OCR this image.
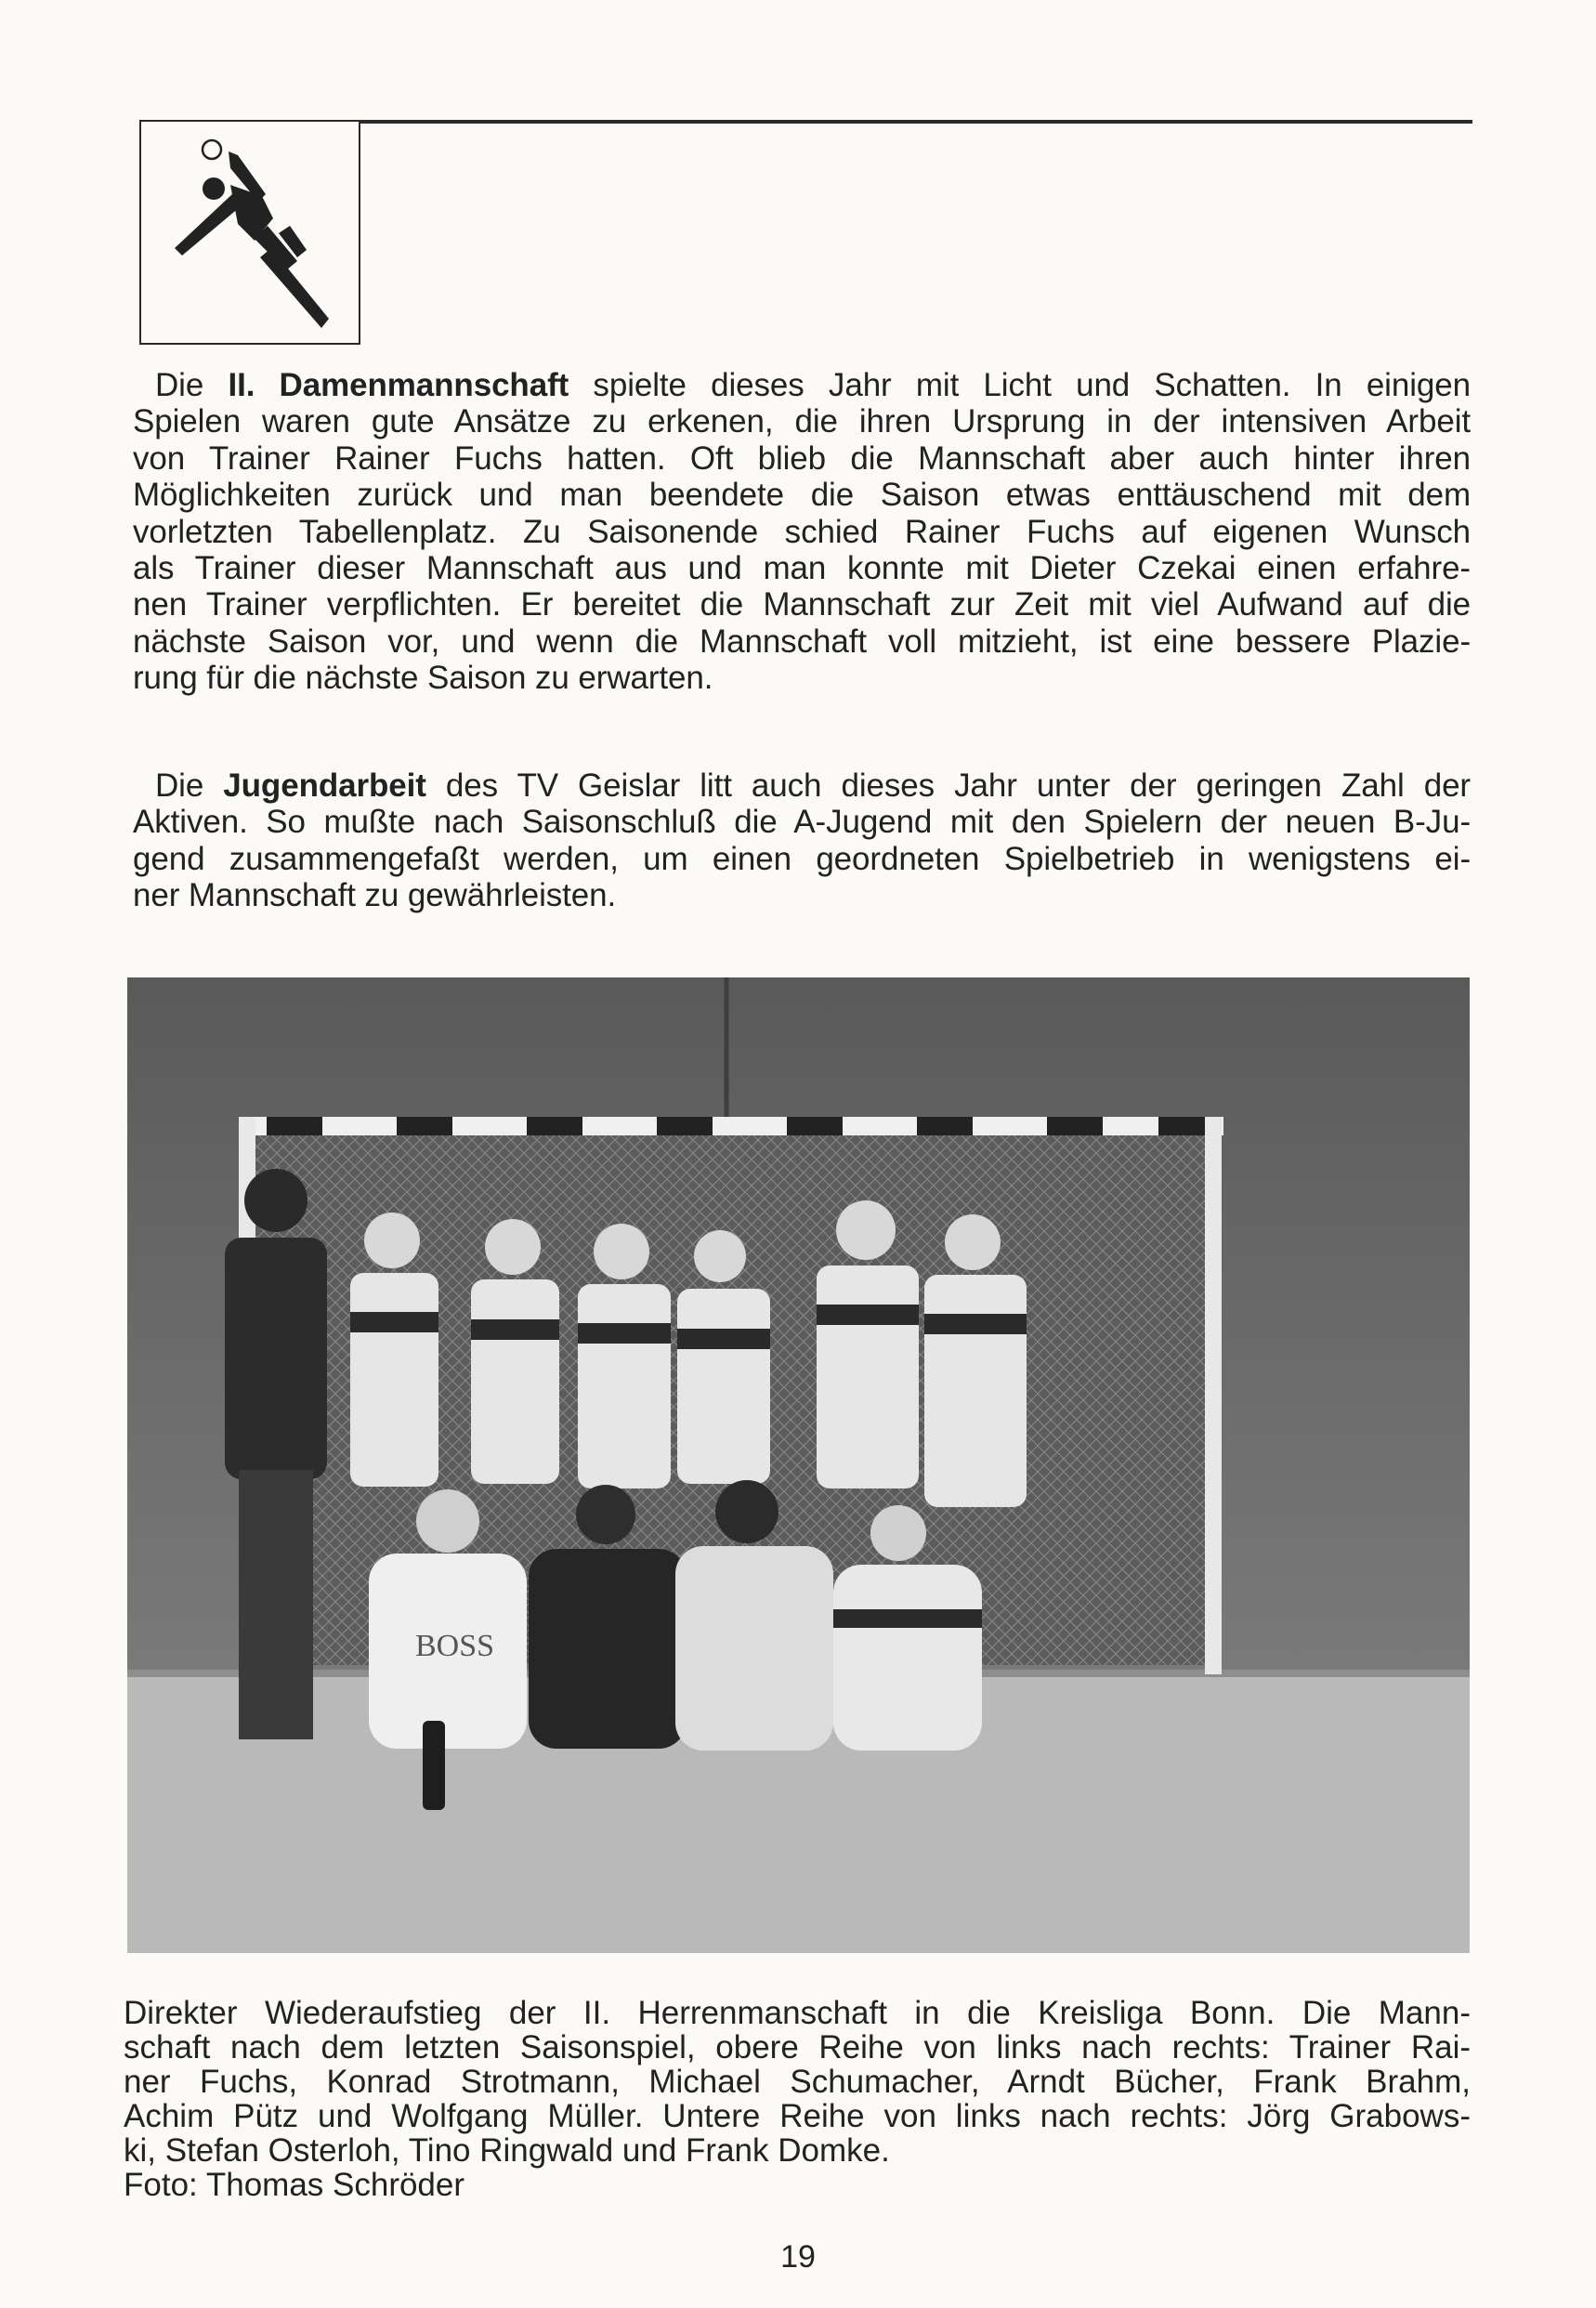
Die II. Damenmannschaft spielte dieses Jahr mit Licht und Schatten. In einigen
Spielen waren gute Ansätze zu erkenen, die ihren Ursprung in der intensiven Arbeit
von Trainer Rainer Fuchs hatten. Oft blieb die Mannschaft aber auch hinter ihren
Möglichkeiten zurück und man beendete die Saison etwas enttäuschend mit dem
vorletzten Tabellenplatz. Zu Saisonende schied Rainer Fuchs auf eigenen Wunsch
als Trainer dieser Mannschaft aus und man konnte mit Dieter Czekai einen erfahre-
nen Trainer verpflichten. Er bereitet die Mannschaft zur Zeit mit viel Aufwand auf die
nächste Saison vor, und wenn die Mannschaft voll mitzieht, ist eine bessere Plazie-
rung für die nächste Saison zu erwarten.
Die Jugendarbeit des TV Geislar litt auch dieses Jahr unter der geringen Zahl der
Aktiven. So mußte nach Saisonschluß die A-Jugend mit den Spielern der neuen B-Ju-
gend zusammengefaßt werden, um einen geordneten Spielbetrieb in wenigstens ei-
ner Mannschaft zu gewährleisten.
BOSS
Direkter Wiederaufstieg der II. Herrenmanschaft in die Kreisliga Bonn. Die Mann-
schaft nach dem letzten Saisonspiel, obere Reihe von links nach rechts: Trainer Rai-
ner Fuchs, Konrad Strotmann, Michael Schumacher, Arndt Bücher, Frank Brahm,
Achim Pütz und Wolfgang Müller. Untere Reihe von links nach rechts: Jörg Grabows-
ki, Stefan Osterloh, Tino Ringwald und Frank Domke.
Foto: Thomas Schröder
19
